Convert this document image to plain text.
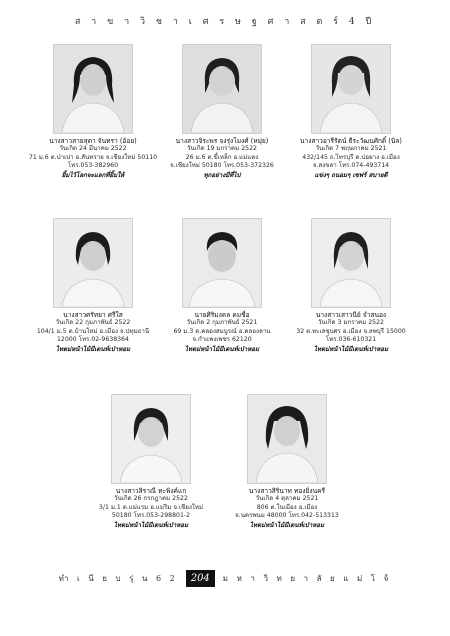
ส า ข า วิ ช า เ ศ ร ษ ฐ ศ า ส ต ร์ 4 ปี
นางสาวสายสุดา จันทรา (อ้อย)
วันเกิด 24 มีนาคม 2522
71 ม.6 ต.ป่าเปา อ.สันทราย จ.เชียงใหม่ 50110
โทร.053-382960
ยิ้มไว้โลกจะแลกที่ยิ้มให้
นางสาวจิระพร จงรุ่งโมงศ์ (หมุ่ย)
วันเกิด 19 มกราคม 2522
26 ม.6 ต.ขี้เหล็ก อ.แม่แตง
จ.เชียงใหม่ 50180 โทร.053-372326
ทุกอย่างมีที่ไป
นางสาวอารีรัตน์ ธีระวัฒนศักดิ์ (นิล)
วันเกิด 7 พฤษภาคม 2521
432/145 ถ.ไทรบุรี ต.บ่อยาง อ.เมือง
จ.สงขลา โทร.074-493714
แข่งๆ ถนอมๆ เซฟร์ สบายดี
นางสาวศรัทยา ศรีใส
วันเกิด 22 กุมภาพันธ์ 2522
104/1 ม.5 ต.บ้านใหม่ อ.เมือง จ.ปทุมธานี
12000 โทร.02-9638364
ไทดม่หน้าไม้มีเดนท์เป่าหอม
นายศิริมงคล คมชื่อ
วันเกิด 2 กุมภาพันธ์ 2521
69 ม.3 ต.คลองสมบูรณ์ อ.คลองลาน
จ.กำแพงเพชร 62120
ไทดม่หน้าไม้มีเดนท์เป่าหอม
นางสาวเสาวนีย์ จำสนอง
วันเกิด 3 มกราคม 2522
32 ต.ทะเลชุบศร อ.เมือง จ.ลพบุรี 15000
โทร.036-610321
ไทดม่หน้าไม้มีเดนท์เป่าหอม
นางสาวสิราณี ทะพิงค์แก
วันเกิด 26 กรกฎาคม 2522
3/1 ม.1 ต.แม่แรม อ.แม่ริม จ.เชียงใหม่
50180 โทร.053-298801-2
ไทดม่หน้าไม้มีเดนท์เป่าหอม
นางสาวสิรินาท ทองยิ่งนครี
วันเกิด 4 ตุลาคม 2521
806 ต.ในเมือง อ.เมือง
จ.นครพนม 48000 โทร.042-513313
ไทดม่หน้าไม้มีเดนท์เป่าหอม
ทำ เ นี ย บ รุ่ น 6 2	204	ม ห า วิ ท ย า ลั ย แ ม่ โ จ้
